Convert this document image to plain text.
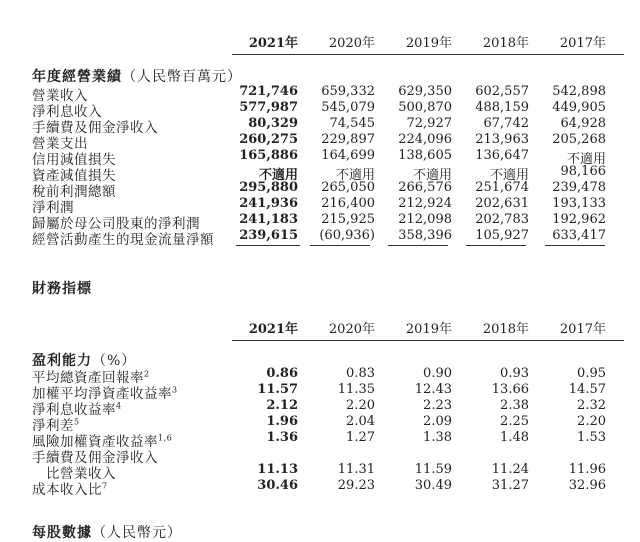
2021年	2020年	2019年	2018年	2017年
年度經營業績（人民幣百萬元）
營業收入	721,746	659,332	629,350	602,557	542,898
淨利息收入	577,987	545,079	500,870	488,159	449,905
手續費及佣金淨收入	80,329	74,545	72,927	67,742	64,928
營業支出	260,275	229,897	224,096	213,963	205,268
信用減值損失	165,886	164,699	138,605	136,647	不適用
資產減值損失	不適用	不適用	不適用	不適用	98,166
稅前利潤總額	295,880	265,050	266,576	251,674	239,478
淨利潤	241,936	216,400	212,924	202,631	193,133
歸屬於母公司股東的淨利潤	241,183	215,925	212,098	202,783	192,962
經營活動產生的現金流量淨額	239,615	(60,936)	358,396	105,927	633,417
財務指標
2021年	2020年	2019年	2018年	2017年
盈利能力（%）
平均總資產回報率$^2$	0.86	0.83	0.90	0.93	0.95
加權平均淨資產收益率$^3$	11.57	11.35	12.43	13.66	14.57
淨利息收益率$^4$	2.12	2.20	2.23	2.38	2.32
淨利差$^5$	1.96	2.04	2.09	2.25	2.20
風險加權資產收益率$^{1,6}$	1.36	1.27	1.38	1.48	1.53
手續費及佣金淨收入
　比營業收入	11.13	11.31	11.59	11.24	11.96
成本收入比$^7$	30.46	29.23	30.49	31.27	32.96
每股數據（人民幣元）
